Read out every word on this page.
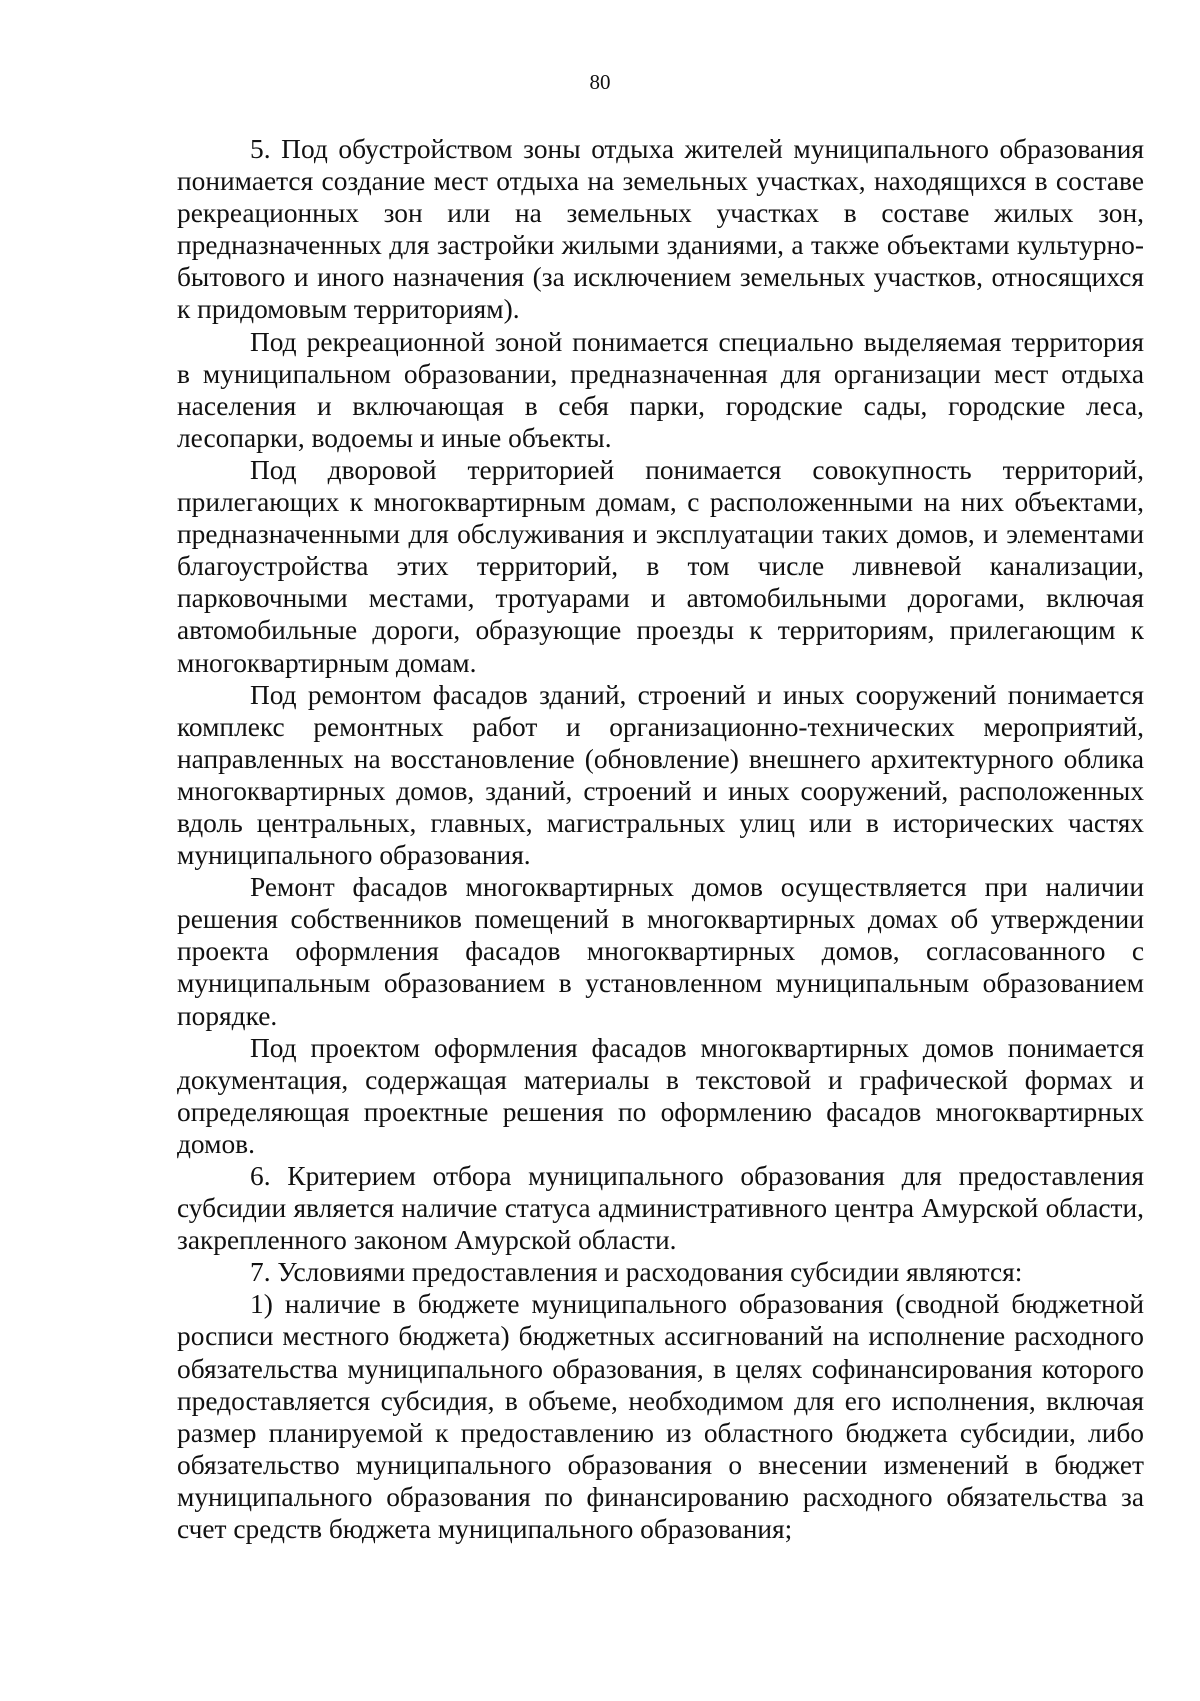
80

5. Под обустройством зоны отдыха жителей муниципального образования понимается создание мест отдыха на земельных участках, находящихся в составе рекреационных зон или на земельных участках в составе жилых зон, предназначенных для застройки жилыми зданиями, а также объектами культурно-бытового и иного назначения (за исключением земельных участков, относящихся к придомовым территориям).

Под рекреационной зоной понимается специально выделяемая территория в муниципальном образовании, предназначенная для организации мест отдыха населения и включающая в себя парки, городские сады, городские леса, лесопарки, водоемы и иные объекты.

Под дворовой территорией понимается совокупность территорий, прилегающих к многоквартирным домам, с расположенными на них объектами, предназначенными для обслуживания и эксплуатации таких домов, и элементами благоустройства этих территорий, в том числе ливневой канализации, парковочными местами, тротуарами и автомобильными дорогами, включая автомобильные дороги, образующие проезды к территориям, прилегающим к многоквартирным домам.

Под ремонтом фасадов зданий, строений и иных сооружений понимается комплекс ремонтных работ и организационно-технических мероприятий, направленных на восстановление (обновление) внешнего архитектурного облика многоквартирных домов, зданий, строений и иных сооружений, расположенных вдоль центральных, главных, магистральных улиц или в исторических частях муниципального образования.

Ремонт фасадов многоквартирных домов осуществляется при наличии решения собственников помещений в многоквартирных домах об утверждении проекта оформления фасадов многоквартирных домов, согласованного с муниципальным образованием в установленном муниципальным образованием порядке.

Под проектом оформления фасадов многоквартирных домов понимается документация, содержащая материалы в текстовой и графической формах и определяющая проектные решения по оформлению фасадов многоквартирных домов.

6. Критерием отбора муниципального образования для предоставления субсидии является наличие статуса административного центра Амурской области, закрепленного законом Амурской области.

7. Условиями предоставления и расходования субсидии являются:

1) наличие в бюджете муниципального образования (сводной бюджетной росписи местного бюджета) бюджетных ассигнований на исполнение расходного обязательства муниципального образования, в целях софинансирования которого предоставляется субсидия, в объеме, необходимом для его исполнения, включая размер планируемой к предоставлению из областного бюджета субсидии, либо обязательство муниципального образования о внесении изменений в бюджет муниципального образования по финансированию расходного обязательства за счет средств бюджета муниципального образования;
